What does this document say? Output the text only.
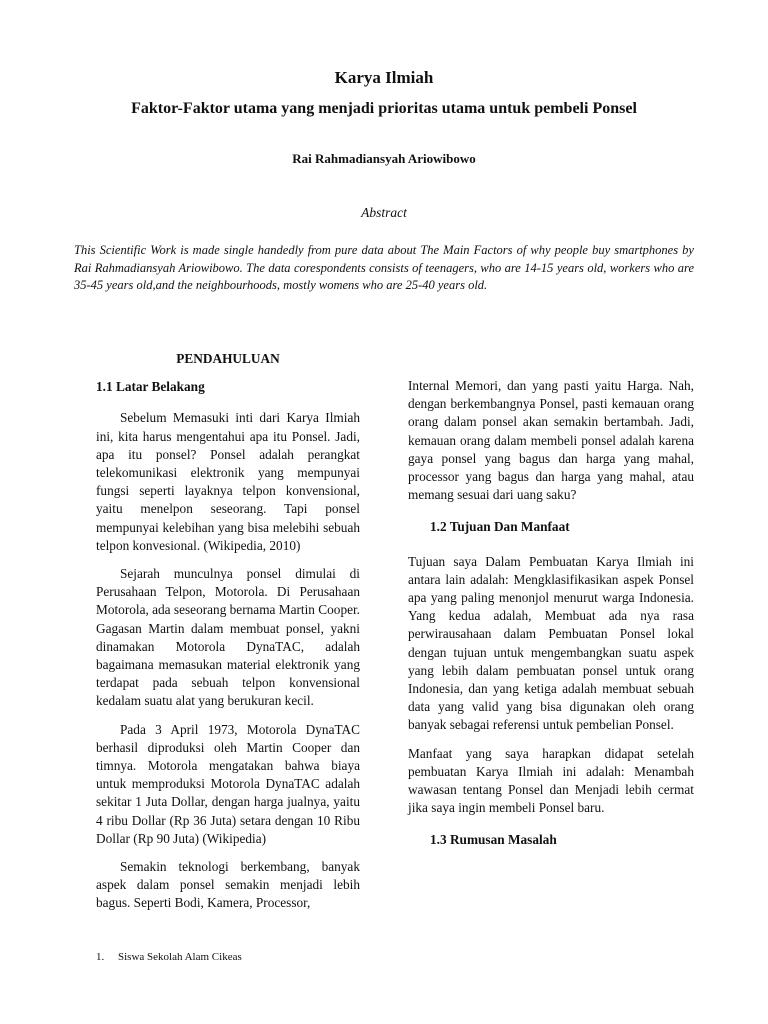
Karya Ilmiah
Faktor-Faktor utama yang menjadi prioritas utama untuk pembeli Ponsel
Rai Rahmadiansyah Ariowibowo
Abstract
This Scientific Work is made single handedly from pure data about The Main Factors of why people buy smartphones by Rai Rahmadiansyah Ariowibowo. The data corespondents consists of teenagers, who are 14-15 years old, workers who are 35-45 years old,and the neighbourhoods, mostly womens who are 25-40 years old.
PENDAHULUAN
1.1 Latar Belakang

Sebelum Memasuki inti dari Karya Ilmiah ini, kita harus mengentahui apa itu Ponsel. Jadi, apa itu ponsel? Ponsel adalah perangkat telekomunikasi elektronik yang mempunyai fungsi seperti layaknya telpon konvensional, yaitu menelpon seseorang. Tapi ponsel mempunyai kelebihan yang bisa melebihi sebuah telpon konvesional. (Wikipedia, 2010)

Sejarah munculnya ponsel dimulai di Perusahaan Telpon, Motorola. Di Perusahaan Motorola, ada seseorang bernama Martin Cooper. Gagasan Martin dalam membuat ponsel, yakni dinamakan Motorola DynaTAC, adalah bagaimana memasukan material elektronik yang terdapat pada sebuah telpon konvensional kedalam suatu alat yang berukuran kecil.

Pada 3 April 1973, Motorola DynaTAC berhasil diproduksi oleh Martin Cooper dan timnya. Motorola mengatakan bahwa biaya untuk memproduksi Motorola DynaTAC adalah sekitar 1 Juta Dollar, dengan harga jualnya, yaitu 4 ribu Dollar (Rp 36 Juta) setara dengan 10 Ribu Dollar (Rp 90 Juta) (Wikipedia)

Semakin teknologi berkembang, banyak aspek dalam ponsel semakin menjadi lebih bagus. Seperti Bodi, Kamera, Processor,

Internal Memori, dan yang pasti yaitu Harga. Nah, dengan berkembangnya Ponsel, pasti kemauan orang orang dalam ponsel akan semakin bertambah. Jadi, kemauan orang dalam membeli ponsel adalah karena gaya ponsel yang bagus dan harga yang mahal, processor yang bagus dan harga yang mahal, atau memang sesuai dari uang saku?

1.2 Tujuan Dan Manfaat

Tujuan saya Dalam Pembuatan Karya Ilmiah ini antara lain adalah: Mengklasifikasikan aspek Ponsel apa yang paling menonjol menurut warga Indonesia. Yang kedua adalah, Membuat ada nya rasa perwirausahaan dalam Pembuatan Ponsel lokal dengan tujuan untuk mengembangkan suatu aspek yang lebih dalam pembuatan ponsel untuk orang Indonesia, dan yang ketiga adalah membuat sebuah data yang valid yang bisa digunakan oleh orang banyak sebagai referensi untuk pembelian Ponsel.

Manfaat yang saya harapkan didapat setelah pembuatan Karya Ilmiah ini adalah: Menambah wawasan tentang Ponsel dan Menjadi lebih cermat jika saya ingin membeli Ponsel baru.

1.3 Rumusan Masalah
1. Siswa Sekolah Alam Cikeas
